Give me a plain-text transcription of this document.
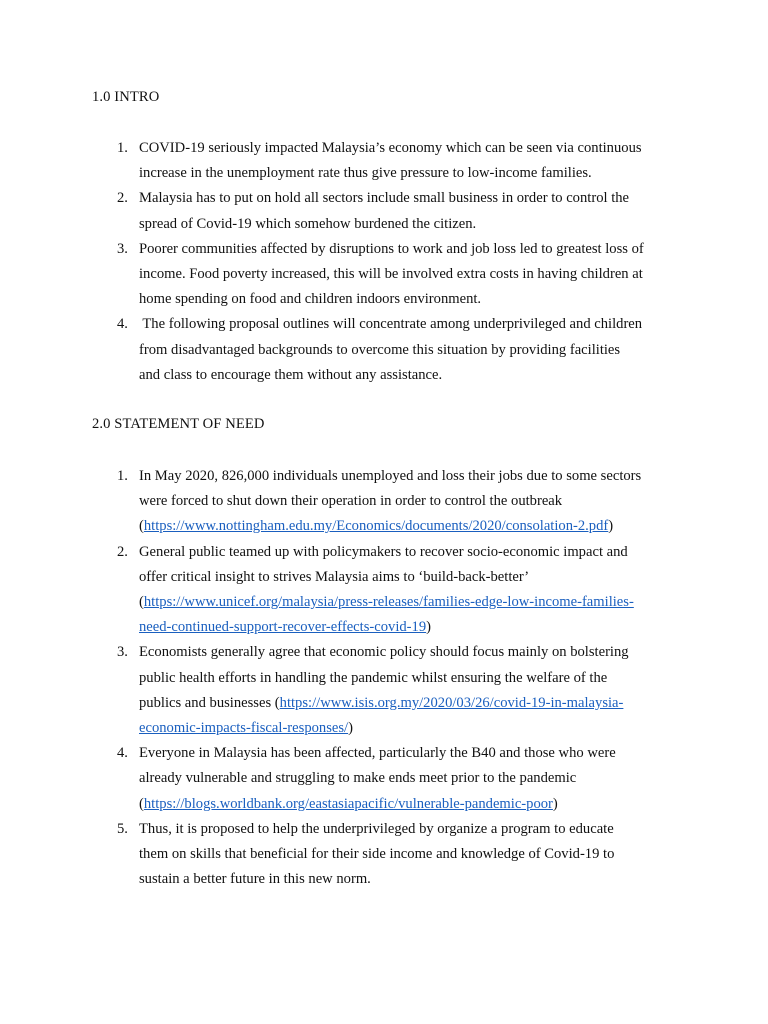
1.0 INTRO
1. COVID-19 seriously impacted Malaysia’s economy which can be seen via continuous
increase in the unemployment rate thus give pressure to low-income families.
2. Malaysia has to put on hold all sectors include small business in order to control the
spread of Covid-19 which somehow burdened the citizen.
3. Poorer communities affected by disruptions to work and job loss led to greatest loss of
income. Food poverty increased, this will be involved extra costs in having children at
home spending on food and children indoors environment.
4. The following proposal outlines will concentrate among underprivileged and children
from disadvantaged backgrounds to overcome this situation by providing facilities
and class to encourage them without any assistance.
2.0 STATEMENT OF NEED
1. In May 2020, 826,000 individuals unemployed and loss their jobs due to some sectors
were forced to shut down their operation in order to control the outbreak
(https://www.nottingham.edu.my/Economics/documents/2020/consolation-2.pdf)
2. General public teamed up with policymakers to recover socio-economic impact and
offer critical insight to strives Malaysia aims to ‘build-back-better’
(https://www.unicef.org/malaysia/press-releases/families-edge-low-income-families-
need-continued-support-recover-effects-covid-19)
3. Economists generally agree that economic policy should focus mainly on bolstering
public health efforts in handling the pandemic whilst ensuring the welfare of the
publics and businesses (https://www.isis.org.my/2020/03/26/covid-19-in-malaysia-
economic-impacts-fiscal-responses/)
4. Everyone in Malaysia has been affected, particularly the B40 and those who were
already vulnerable and struggling to make ends meet prior to the pandemic
(https://blogs.worldbank.org/eastasiapacific/vulnerable-pandemic-poor)
5. Thus, it is proposed to help the underprivileged by organize a program to educate
them on skills that beneficial for their side income and knowledge of Covid-19 to
sustain a better future in this new norm.
